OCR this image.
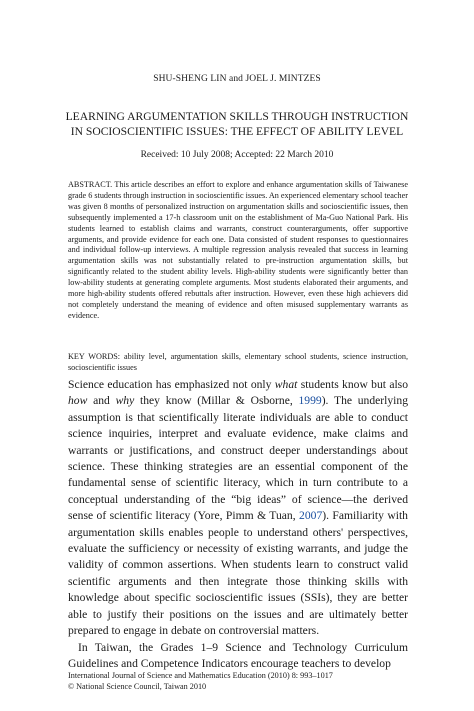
SHU-SHENG LIN and JOEL J. MINTZES
LEARNING ARGUMENTATION SKILLS THROUGH INSTRUCTION
IN SOCIOSCIENTIFIC ISSUES: THE EFFECT OF ABILITY LEVEL
Received: 10 July 2008; Accepted: 22 March 2010
ABSTRACT. This article describes an effort to explore and enhance argumentation skills of Taiwanese grade 6 students through instruction in socioscientific issues. An experienced elementary school teacher was given 8 months of personalized instruction on argumentation skills and socioscientific issues, then subsequently implemented a 17-h classroom unit on the establishment of Ma-Guo National Park. His students learned to establish claims and warrants, construct counterarguments, offer supportive arguments, and provide evidence for each one. Data consisted of student responses to questionnaires and individual follow-up interviews. A multiple regression analysis revealed that success in learning argumentation skills was not substantially related to pre-instruction argumentation skills, but significantly related to the student ability levels. High-ability students were significantly better than low-ability students at generating complete arguments. Most students elaborated their arguments, and more high-ability students offered rebuttals after instruction. However, even these high achievers did not completely understand the meaning of evidence and often misused supplementary warrants as evidence.
KEY WORDS: ability level, argumentation skills, elementary school students, science instruction, socioscientific issues

Science education has emphasized not only what students know but also how and why they know (Millar & Osborne, 1999). The underlying assumption is that scientifically literate individuals are able to conduct science inquiries, interpret and evaluate evidence, make claims and warrants or justifications, and construct deeper understandings about science. These thinking strategies are an essential component of the fundamental sense of scientific literacy, which in turn contribute to a conceptual understanding of the “big ideas” of science—the derived sense of scientific literacy (Yore, Pimm & Tuan, 2007). Familiarity with argumentation skills enables people to understand others' perspectives, evaluate the sufficiency or necessity of existing warrants, and judge the validity of common assertions. When students learn to construct valid scientific arguments and then integrate those thinking skills with knowledge about specific socioscientific issues (SSIs), they are better able to justify their positions on the issues and are ultimately better prepared to engage in debate on controversial matters.

In Taiwan, the Grades 1–9 Science and Technology Curriculum Guidelines and Competence Indicators encourage teachers to develop

International Journal of Science and Mathematics Education (2010) 8: 993–1017
© National Science Council, Taiwan 2010
